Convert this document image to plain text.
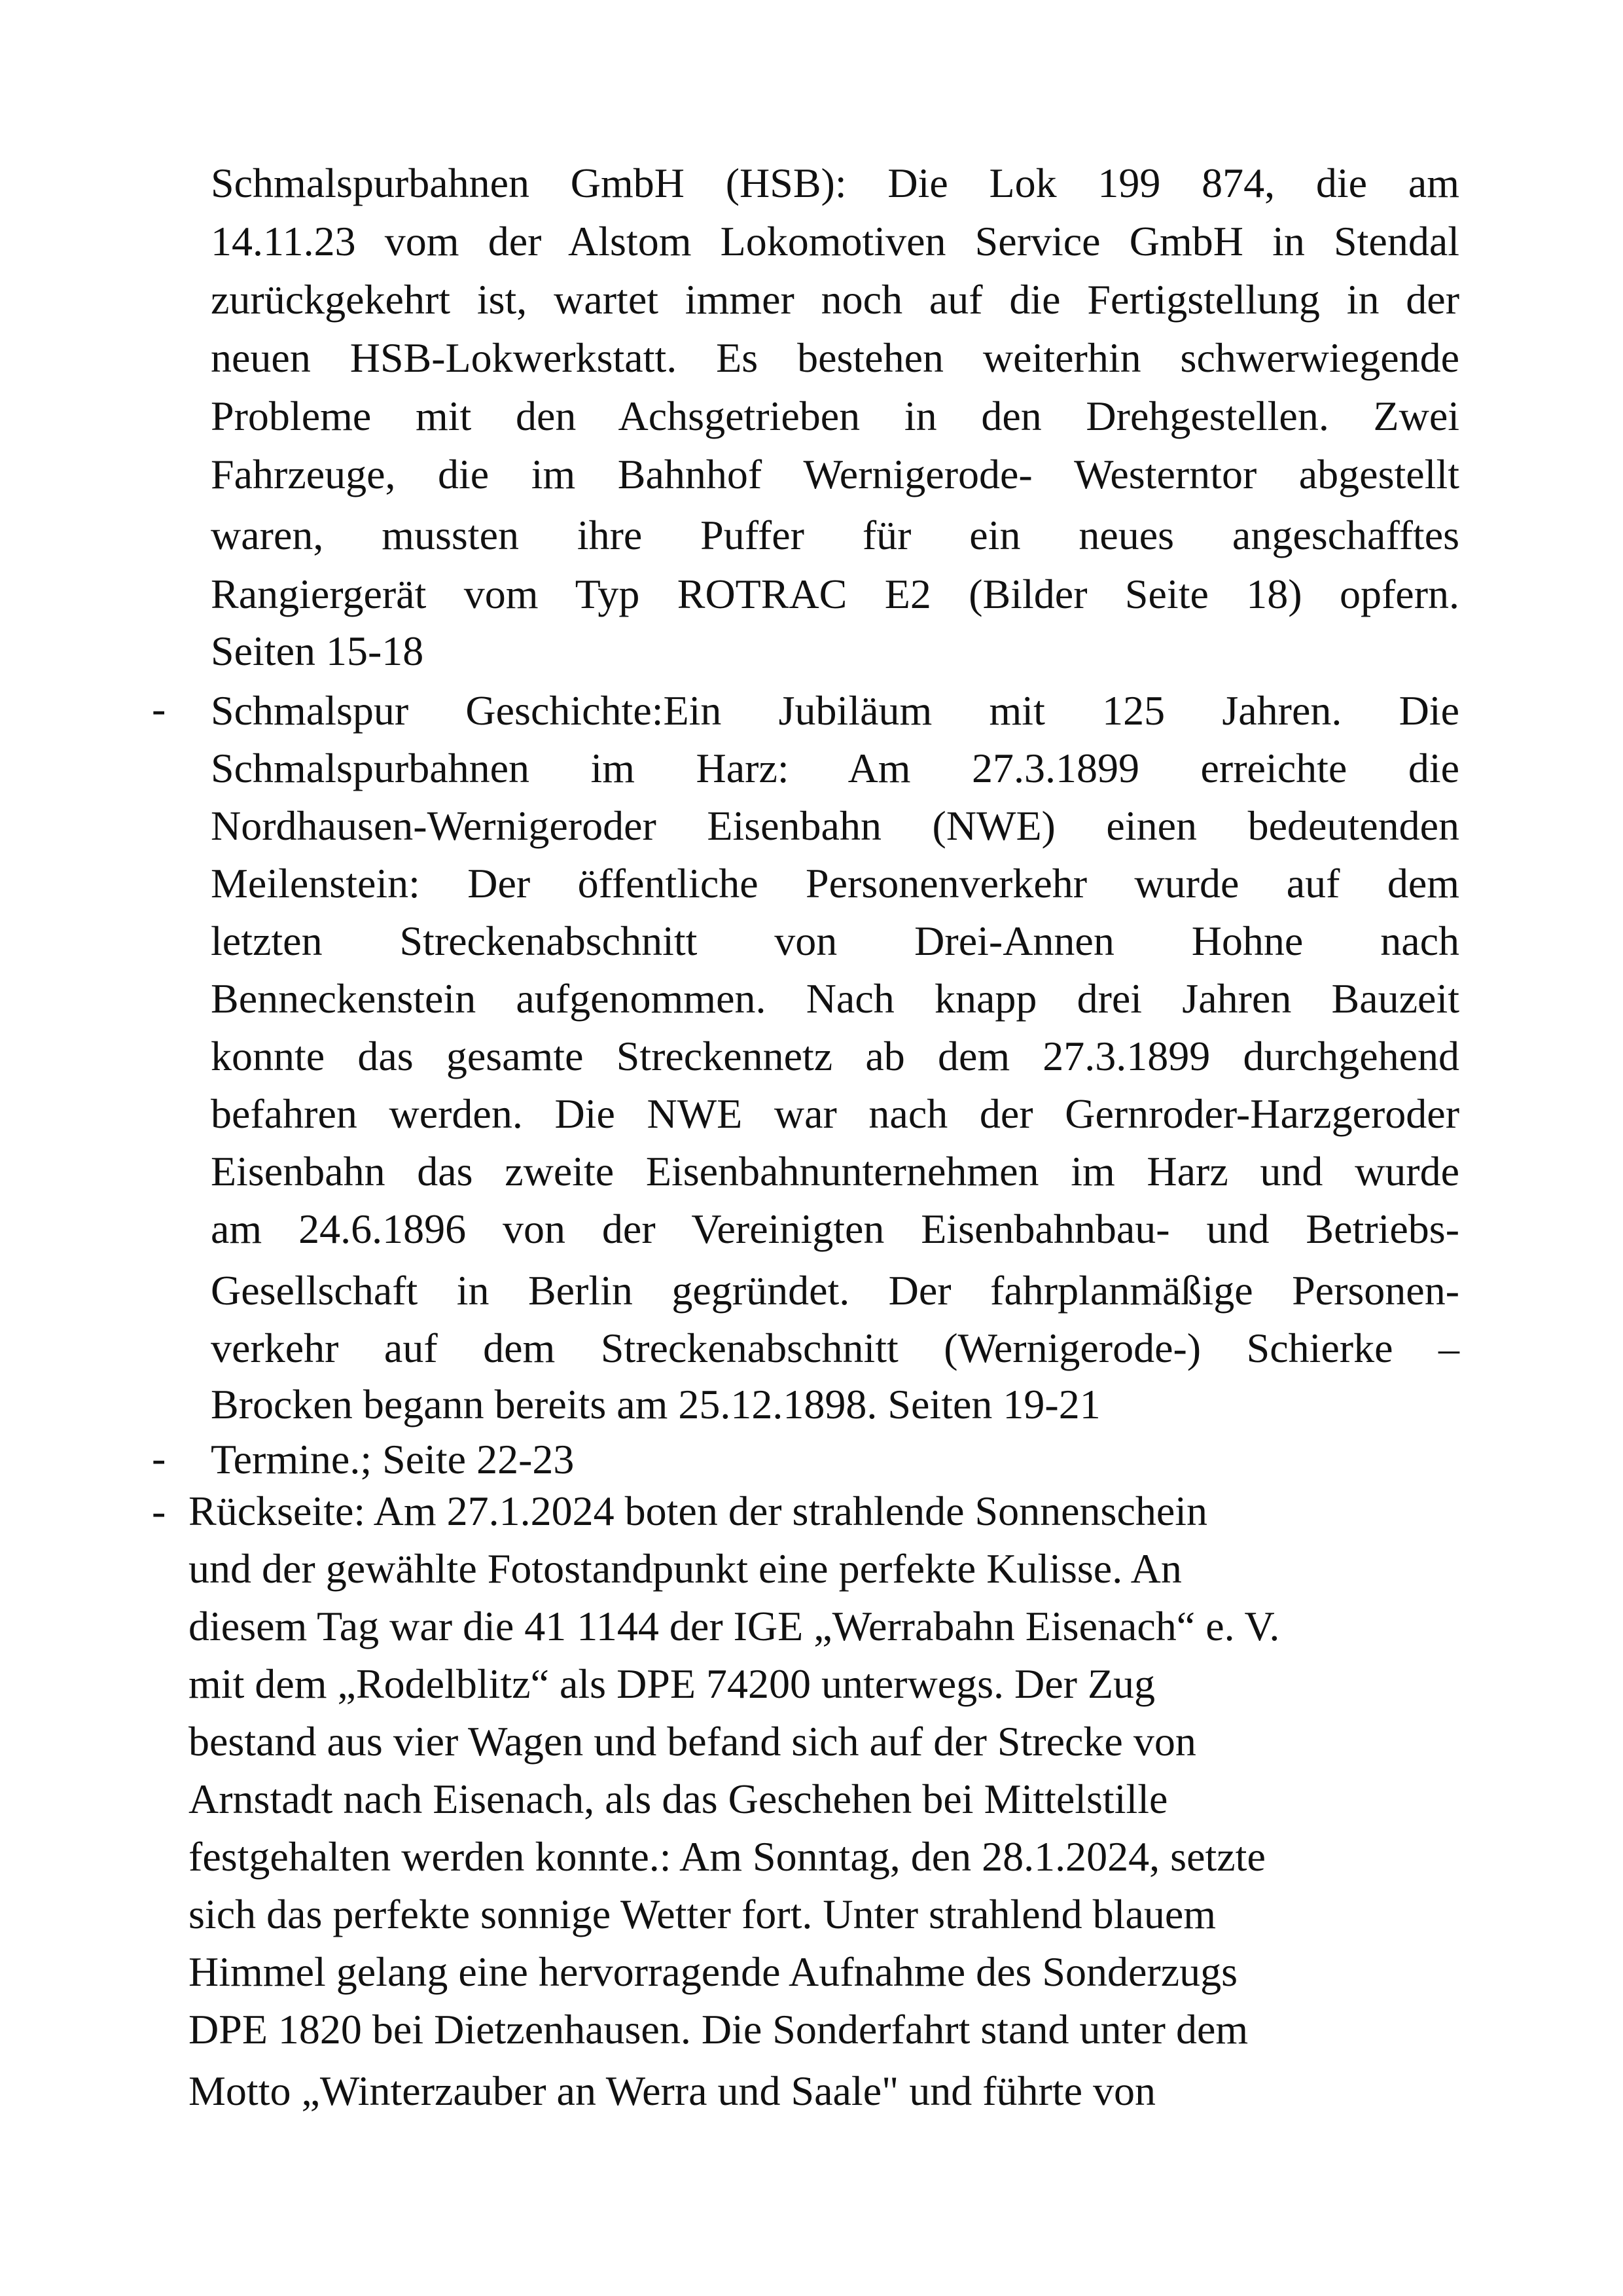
Schmalspurbahnen GmbH (HSB): Die Lok 199 874, die am
14.11.23 vom der Alstom Lokomotiven Service GmbH in Stendal
zurückgekehrt ist, wartet immer noch auf die Fertigstellung in der
neuen HSB-Lokwerkstatt. Es bestehen weiterhin schwerwiegende
Probleme mit den Achsgetrieben in den Drehgestellen. Zwei
Fahrzeuge, die im Bahnhof Wernigerode- Westerntor abgestellt
waren, mussten ihre Puffer für ein neues angeschafftes
Rangiergerät vom Typ ROTRAC E2 (Bilder Seite 18) opfern.
Seiten 15-18
- Schmalspur Geschichte:Ein Jubiläum mit 125 Jahren. Die
Schmalspurbahnen im Harz: Am 27.3.1899 erreichte die
Nordhausen-Wernigeroder Eisenbahn (NWE) einen bedeutenden
Meilenstein: Der öffentliche Personenverkehr wurde auf dem
letzten Streckenabschnitt von Drei-Annen Hohne nach
Benneckenstein aufgenommen. Nach knapp drei Jahren Bauzeit
konnte das gesamte Streckennetz ab dem 27.3.1899 durchgehend
befahren werden. Die NWE war nach der Gernroder-Harzgeroder
Eisenbahn das zweite Eisenbahnunternehmen im Harz und wurde
am 24.6.1896 von der Vereinigten Eisenbahnbau- und Betriebs-
Gesellschaft in Berlin gegründet. Der fahrplanmäßige Personen-
verkehr auf dem Streckenabschnitt (Wernigerode-) Schierke –
Brocken begann bereits am 25.12.1898. Seiten 19-21
- Termine.; Seite 22-23
- Rückseite: Am 27.1.2024 boten der strahlende Sonnenschein
und der gewählte Fotostandpunkt eine perfekte Kulisse. An
diesem Tag war die 41 1144 der IGE „Werrabahn Eisenach“ e. V.
mit dem „Rodelblitz“ als DPE 74200 unterwegs. Der Zug
bestand aus vier Wagen und befand sich auf der Strecke von
Arnstadt nach Eisenach, als das Geschehen bei Mittelstille
festgehalten werden konnte.: Am Sonntag, den 28.1.2024, setzte
sich das perfekte sonnige Wetter fort. Unter strahlend blauem
Himmel gelang eine hervorragende Aufnahme des Sonderzugs
DPE 1820 bei Dietzenhausen. Die Sonderfahrt stand unter dem
Motto „Winterzauber an Werra und Saale" und führte von
